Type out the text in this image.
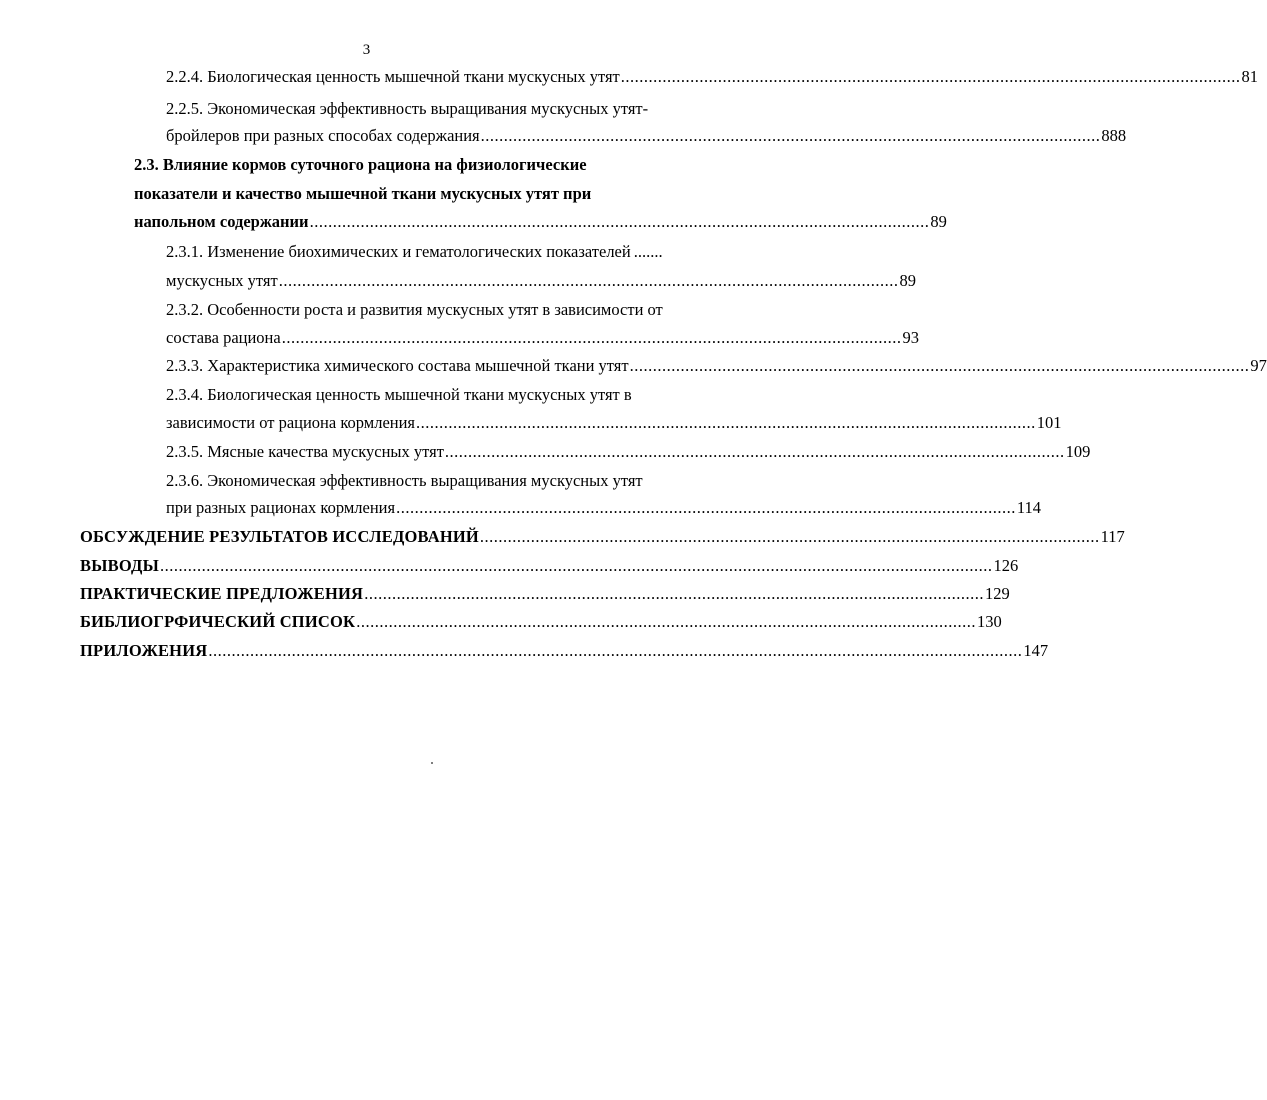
3
2.2.4. Биологическая ценность мышечной ткани мускусных утят ...................................................................................................................................... 81
2.2.5. Экономическая эффективность выращивания мускусных утят-
бройлеров при разных способах содержания ...................................................................................................................................... 888
2.3. Влияние кормов суточного рациона на физиологические
показатели и качество мышечной ткани мускусных утят при
напольном содержании ...................................................................................................................................... 89
2.3.1. Изменение биохимических и гематологических показателей .......
мускусных утят ...................................................................................................................................... 89
2.3.2. Особенности роста и развития мускусных утят в зависимости от
состава рациона ...................................................................................................................................... 93
2.3.3. Характеристика химического состава мышечной ткани утят ...................................................................................................................................... 97
2.3.4. Биологическая ценность мышечной ткани мускусных утят в
зависимости от рациона кормления ...................................................................................................................................... 101
2.3.5. Мясные качества мускусных утят ...................................................................................................................................... 109
2.3.6. Экономическая эффективность выращивания мускусных утят
при разных рационах кормления ...................................................................................................................................... 114
ОБСУЖДЕНИЕ РЕЗУЛЬТАТОВ ИССЛЕДОВАНИЙ ...................................................................................................................................... 117
ВЫВОДЫ .................................................................................................................................................................................... 126
ПРАКТИЧЕСКИЕ ПРЕДЛОЖЕНИЯ ...................................................................................................................................... 129
БИБЛИОГРФИЧЕСКИЙ СПИСОК ...................................................................................................................................... 130
ПРИЛОЖЕНИЯ ................................................................................................................................................................................ 147
